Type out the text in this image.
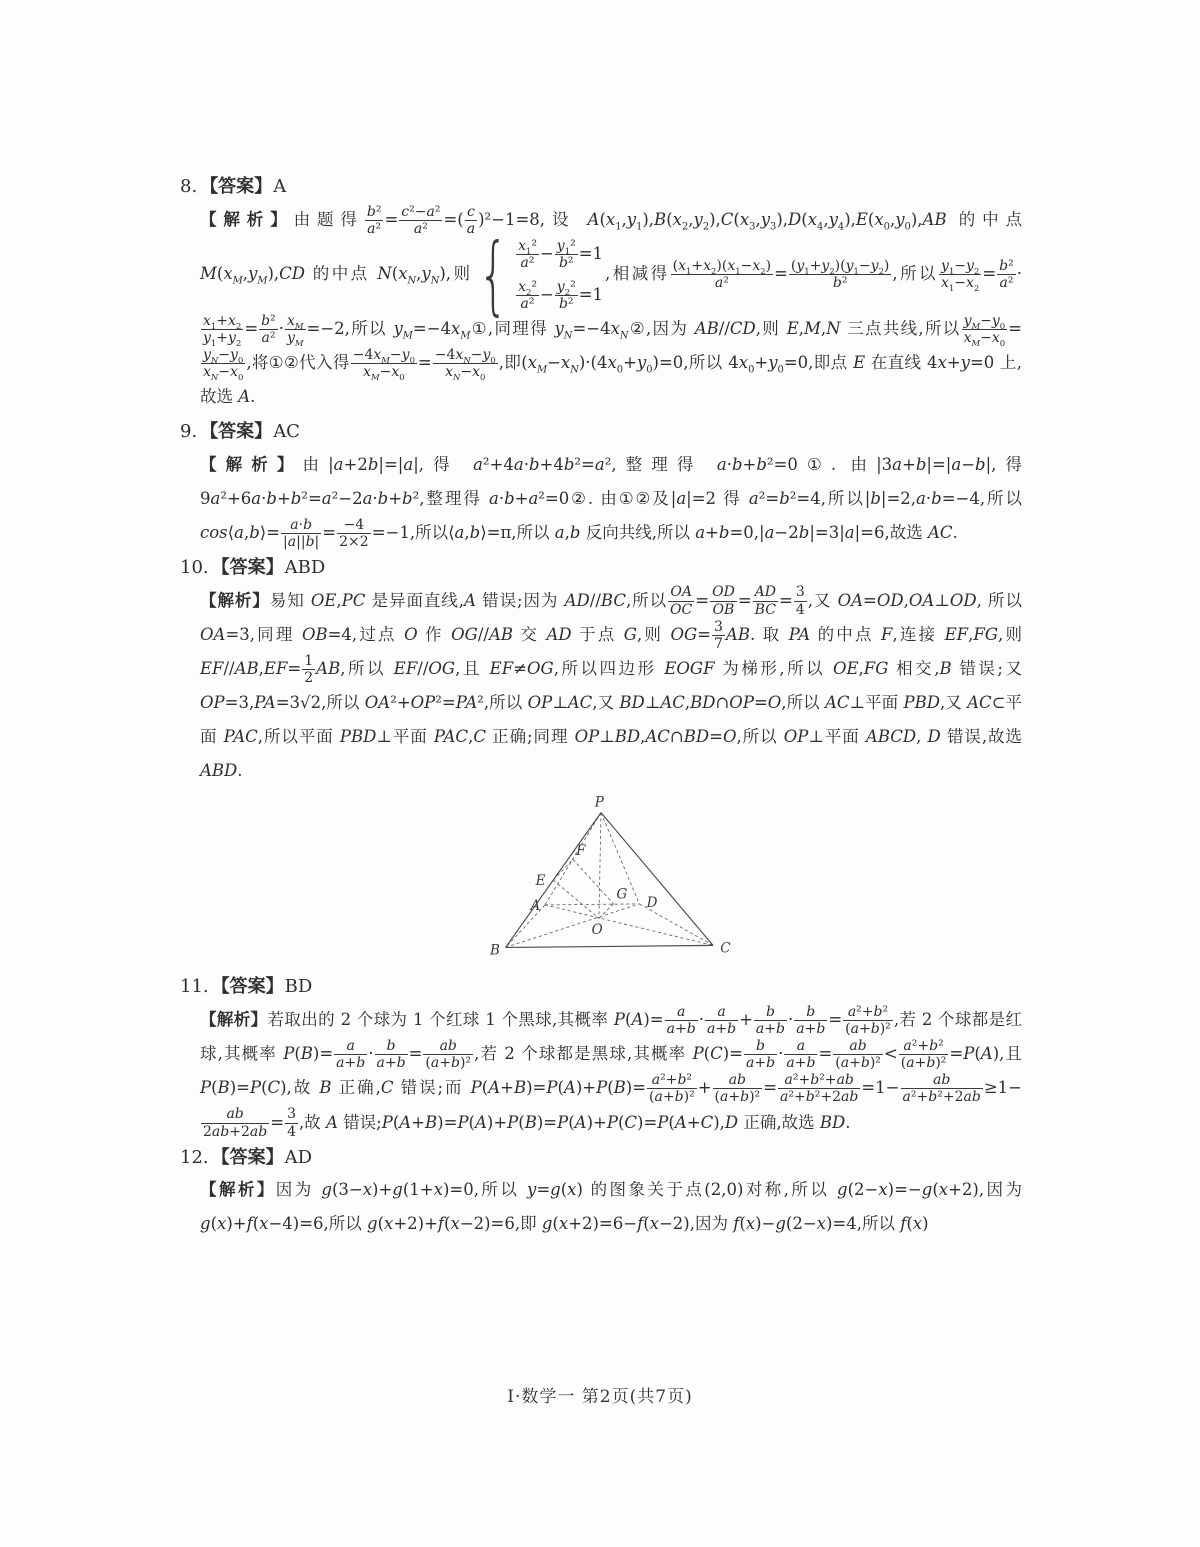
8. 【答案】A

【解析】由题得 $\frac{\text{b²}}{\text{a²}} = \frac{\text{c²−a²}}{\text{a²}}$ =( $\frac{c}{a} )^2-1=8$,设 $A(x_1,y_1),B(x_2,y_2),C(x_3,y_3),D(x_4,y_4),E(x_0,y_0),AB$ 的中点 $M(x_M,y_M),CD$ 的中点 $N(x_N,y_N)$,则 { $\frac{x_1^2}{\text{a²}} - \frac{y_1^2}{\text{b²}} =1$
$\frac{x_2^2}{\text{a²}} - \frac{y_2^2}{\text{b²}} =1$
,相减得 $\frac{(x_1+x_2)(x_1-x_2)}{\text{a²}} = \frac{(y_1+y_2)(y_1-y_2)}{\text{b²}}$ ,所以 $\frac{y_1-y_2}{x_1-x_2} = \frac{\text{b²}}{\text{a²}}$ ·
$\frac{x_1+x_2}{y_1+y_2} = \frac{\text{b²}}{\text{a²}} \cdot \frac{x_M}{y_M} =-2$,所以 $y_M=-4x_M①$,同理得 $y_N=-4x_N②$,因为 AB//CD,则 E,M,N 三点共线,所以 $\frac{y_M-y_0}{x_M-x_0}$ =
$\frac{y_N-y_0}{x_N-x_0}$ ,将①②代入得 $\frac{-4x_M-y_0}{x_M-x_0} = \frac{-4x_N-y_0}{x_N-x_0}$ ,即$(x_M-x_N)\cdot(4x_0+y_0)=0$,所以 $4x_0+y_0=0$,即点 E 在直线 4x+y=0 上,故选 A.

9. 【答案】AC

【解析】由|a+2b|=|a|,得 a²+4a·b+4b²=a²,整理得 a·b+b²=0①. 由|3a+b|=|a−b|,得 9a²+6a·b+b²=a²−2a·b+b²,整理得 a·b+a²=0②. 由①②及|a|=2 得 a²=b²=4,所以|b|=2,a·b=−4,所以 cos⟨a,b⟩= $\frac{a\cdot b}{|a||b|} = \frac{-4}{2\times 2} =-1$,所以⟨a,b⟩=π,所以 a,b 反向共线,所以 a+b=0,|a−2b|=3|a|=6,故选 AC.

10. 【答案】ABD

【解析】易知 OE,PC 是异面直线,A 错误;因为 AD//BC,所以 $\frac{OA}{OC} = \frac{OD}{OB} = \frac{AD}{BC} = \frac{3}{4}$ ,又 OA=OD,OA⊥OD, 所以 OA=3,同理 OB=4,过点 O 作 OG//AB 交 AD 于点 G,则 $OG= \frac{3}{7}$ AB. 取 PA 的中点 F,连接 EF,FG,则 $EF//AB,EF= \frac{1}{2}$ AB,所以 EF//OG,且 EF≠OG,所以四边形 EOGF 为梯形,所以 OE,FG 相交,B 错误;又 OP=3,PA=3√2,所以 OA²+OP²=PA²,所以 OP⊥AC,又 BD⊥AC,BD∩OP=O,所以 AC⊥平面 PBD,又 AC⊂平面 PAC,所以平面 PBD⊥平面 PAC,C 正确;同理 OP⊥BD,AC∩BD=O,所以 OP⊥平面 ABCD, D 错误,故选 ABD.

P
B	C
A	D
E
F
G
O
11. 【答案】BD

【解析】若取出的 2 个球为 1 个红球 1 个黑球,其概率 $P(A)= \frac{a}{a+b} \cdot \frac{a}{a+b} + \frac{b}{a+b} \cdot \frac{b}{a+b} = \frac{\text{a²+b²}}{\text{(a+b)²}}$ ,若 2 个球都是红球,其概率 $P(B)= \frac{a}{a+b} \cdot \frac{b}{a+b} = \frac{ab}{\text{(a+b)²}}$ ,若 2 个球都是黑球,其概率 $P(C)= \frac{b}{a+b} \cdot \frac{a}{a+b} = \frac{ab}{\text{(a+b)²}} < \frac{\text{a²+b²}}{\text{(a+b)²}} =P(A)$,且 P(B)=P(C),故 B 正确,C 错误;而 $P(A+B)=P(A)+P(B)= \frac{\text{a²+b²}}{\text{(a+b)²}} + \frac{ab}{\text{(a+b)²}} = \frac{\text{a²+b²+ab}}{\text{a²+b²+2ab}} =1- \frac{ab}{\text{a²+b²+2ab}} \ge 1-$
$\frac{ab}{2ab+2ab} = \frac{3}{4}$ ,故 A 错误;P(A+B)=P(A)+P(B)=P(A)+P(C)=P(A+C),D 正确,故选 BD.

12. 【答案】AD

【解析】因为 g(3−x)+g(1+x)=0,所以 y=g(x) 的图象关于点(2,0)对称,所以 g(2−x)=−g(x+2),因为 g(x)+f(x−4)=6,所以 g(x+2)+f(x−2)=6,即 g(x+2)=6−f(x−2),因为 f(x)−g(2−x)=4,所以 f(x)

Ⅰ·数学一 第2页(共7页)
